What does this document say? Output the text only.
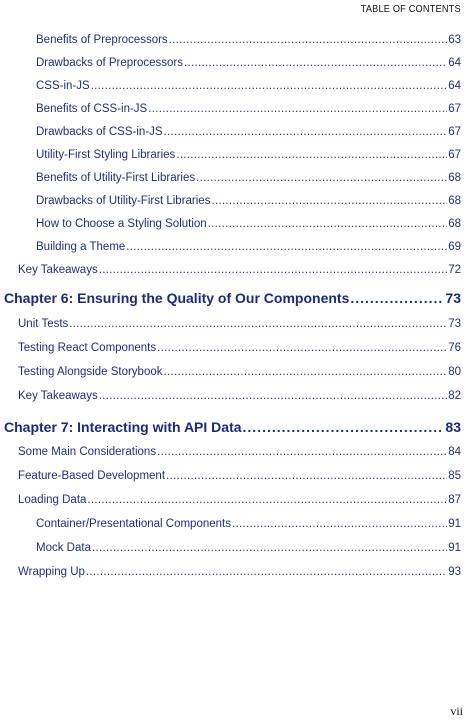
TABLE OF CONTENTS
Benefits of Preprocessors .....	63
Drawbacks of Preprocessors .....	64
CSS-in-JS .....	64
Benefits of CSS-in-JS .....	67
Drawbacks of CSS-in-JS .....	67
Utility-First Styling Libraries .....	67
Benefits of Utility-First Libraries .....	68
Drawbacks of Utility-First Libraries .....	68
How to Choose a Styling Solution .....	68
Building a Theme .....	69
Key Takeaways .....	72
Chapter 6: Ensuring the Quality of Our Components .....	73
Unit Tests .....	73
Testing React Components .....	76
Testing Alongside Storybook .....	80
Key Takeaways .....	82
Chapter 7: Interacting with API Data .....	83
Some Main Considerations .....	84
Feature-Based Development .....	85
Loading Data .....	87
Container/Presentational Components .....	91
Mock Data .....	91
Wrapping Up .....	93
vii
